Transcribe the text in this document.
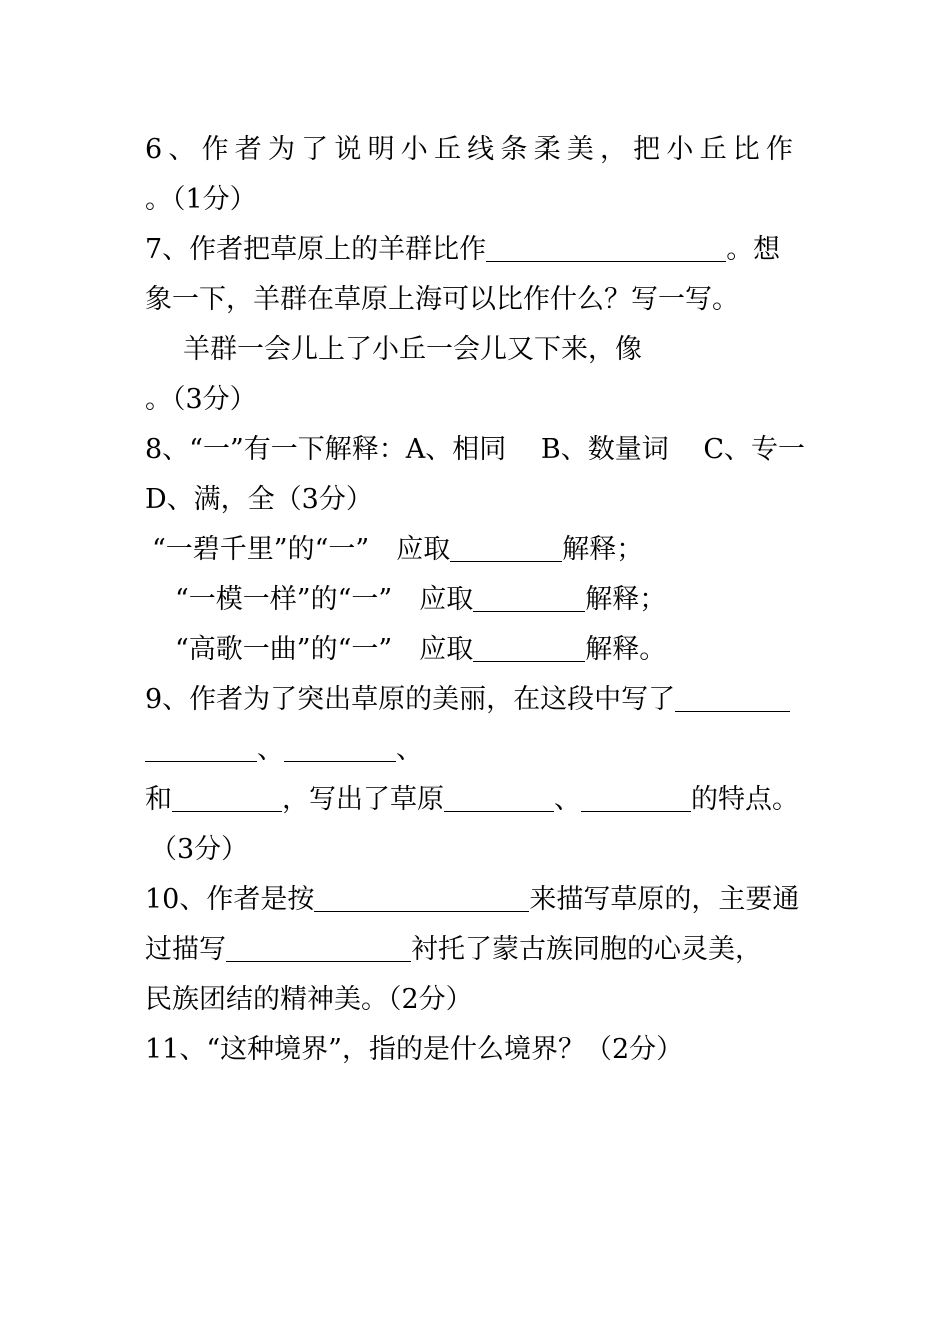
6、作者为了说明小丘线条柔美，把小丘比作
。（1分）
7、作者把草原上的羊群比作	。想
象一下，羊群在草原上海可以比作什么？写一写。
羊群一会儿上了小丘一会儿又下来，像
。（3分）
8、“一”有一下解释：A、相同 B、数量词 C、专一
D、满，全（3分）
“一碧千里”的“一”　应取	解释；
“一模一样”的“一”　应取	解释；
“高歌一曲”的“一”　应取	解释。
9、作者为了突出草原的美丽，在这段中写了
、	、
和	，写出了草原	、	的特点。
（3分）
10、作者是按	来描写草原的，主要通
过描写	衬托了蒙古族同胞的心灵美，
民族团结的精神美。（2分）
11、“这种境界”，指的是什么境界？（2分）
